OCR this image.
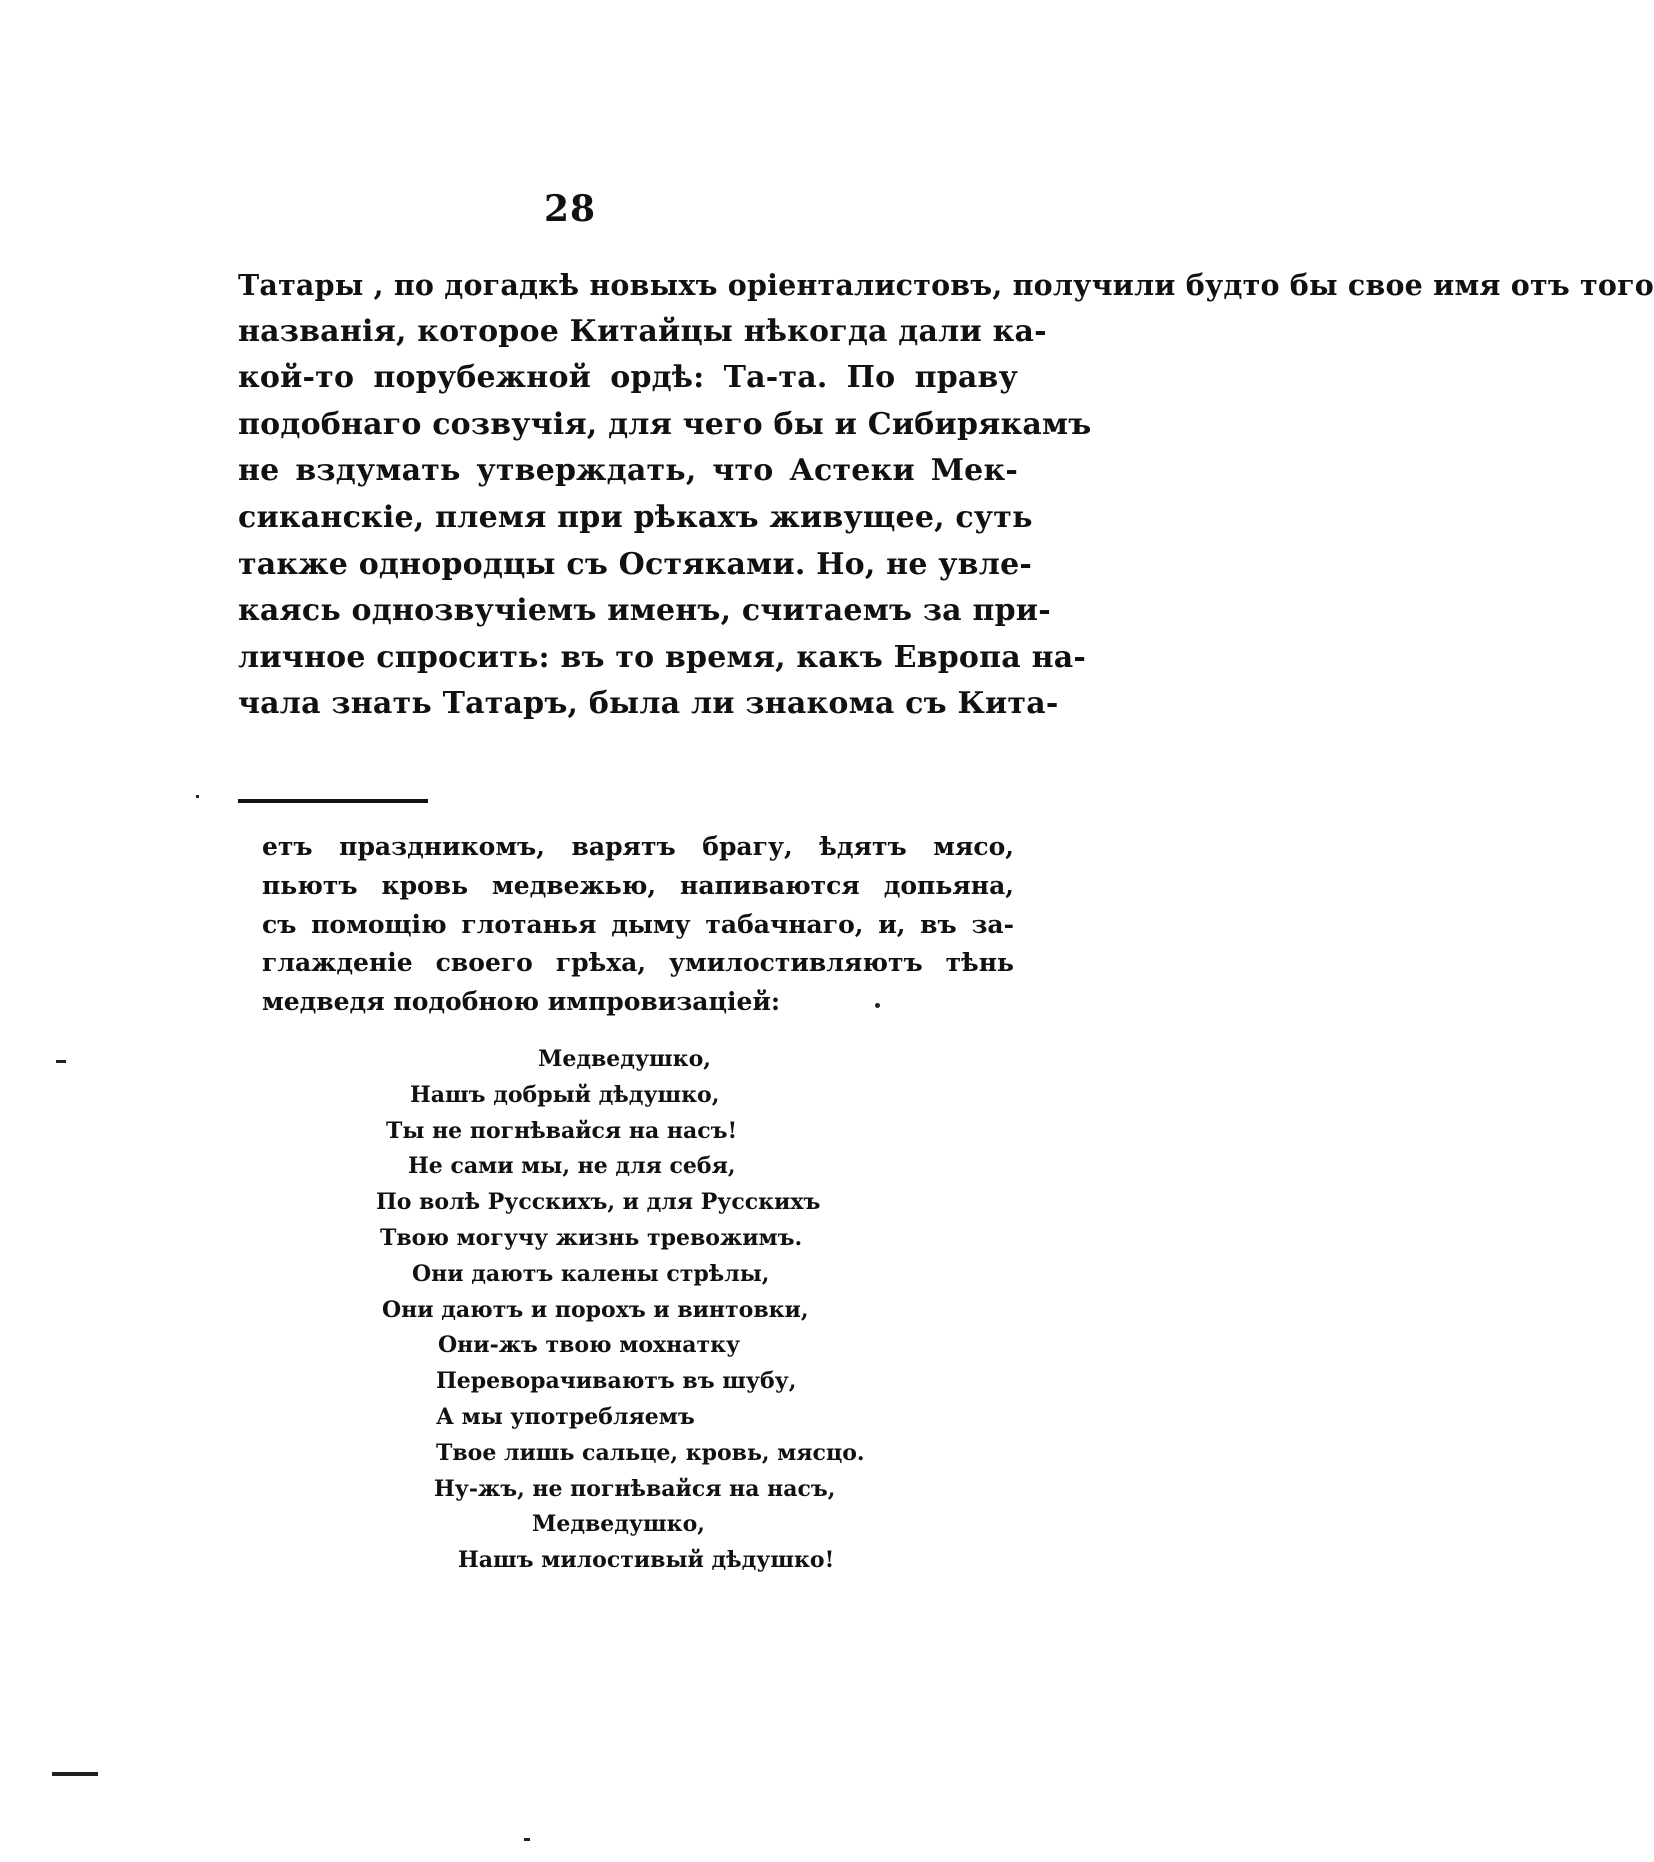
28
Татары , по догадкѣ новыхъ оріенталистовъ, получили будто бы свое имя отъ того
названія, которое Китайцы нѣкогда дали ка-
кой-то порубежной ордѣ: Та-та. По праву
подобнаго созвучія, для чего бы и Сибирякамъ
не вздумать утверждать, что Астеки Мек-
сиканскіе, племя при рѣкахъ живущее, суть
также однородцы съ Остяками. Но, не увле-
каясь однозвучіемъ именъ, считаемъ за при-
личное спросить: въ то время, какъ Европа на-
чала знать Татаръ, была ли знакома съ Кита-
етъ праздникомъ, варятъ брагу, ѣдятъ мясо,
пьютъ кровь медвежью, напиваются допьяна,
съ помощію глотанья дыму табачнаго, и, въ за-
глажденіе своего грѣха, умилостивляютъ тѣнь
медведя подобною импровизацiей:
Медведушко,
Нашъ добрый дѣдушко,
Ты не погнѣвайся на насъ!
Не сами мы, не для себя,
По волѣ Русскихъ, и для Русскихъ
Твою могучу жизнь тревожимъ.
Они даютъ калены стрѣлы,
Они даютъ и порохъ и винтовки,
Они-жъ твою мохнатку
Переворачиваютъ въ шубу,
А мы употребляемъ
Твое лишь сальце, кровь, мясцо.
Ну-жъ, не погнѣвайся на насъ,
Медведушко,
Нашъ милостивый дѣдушко!
